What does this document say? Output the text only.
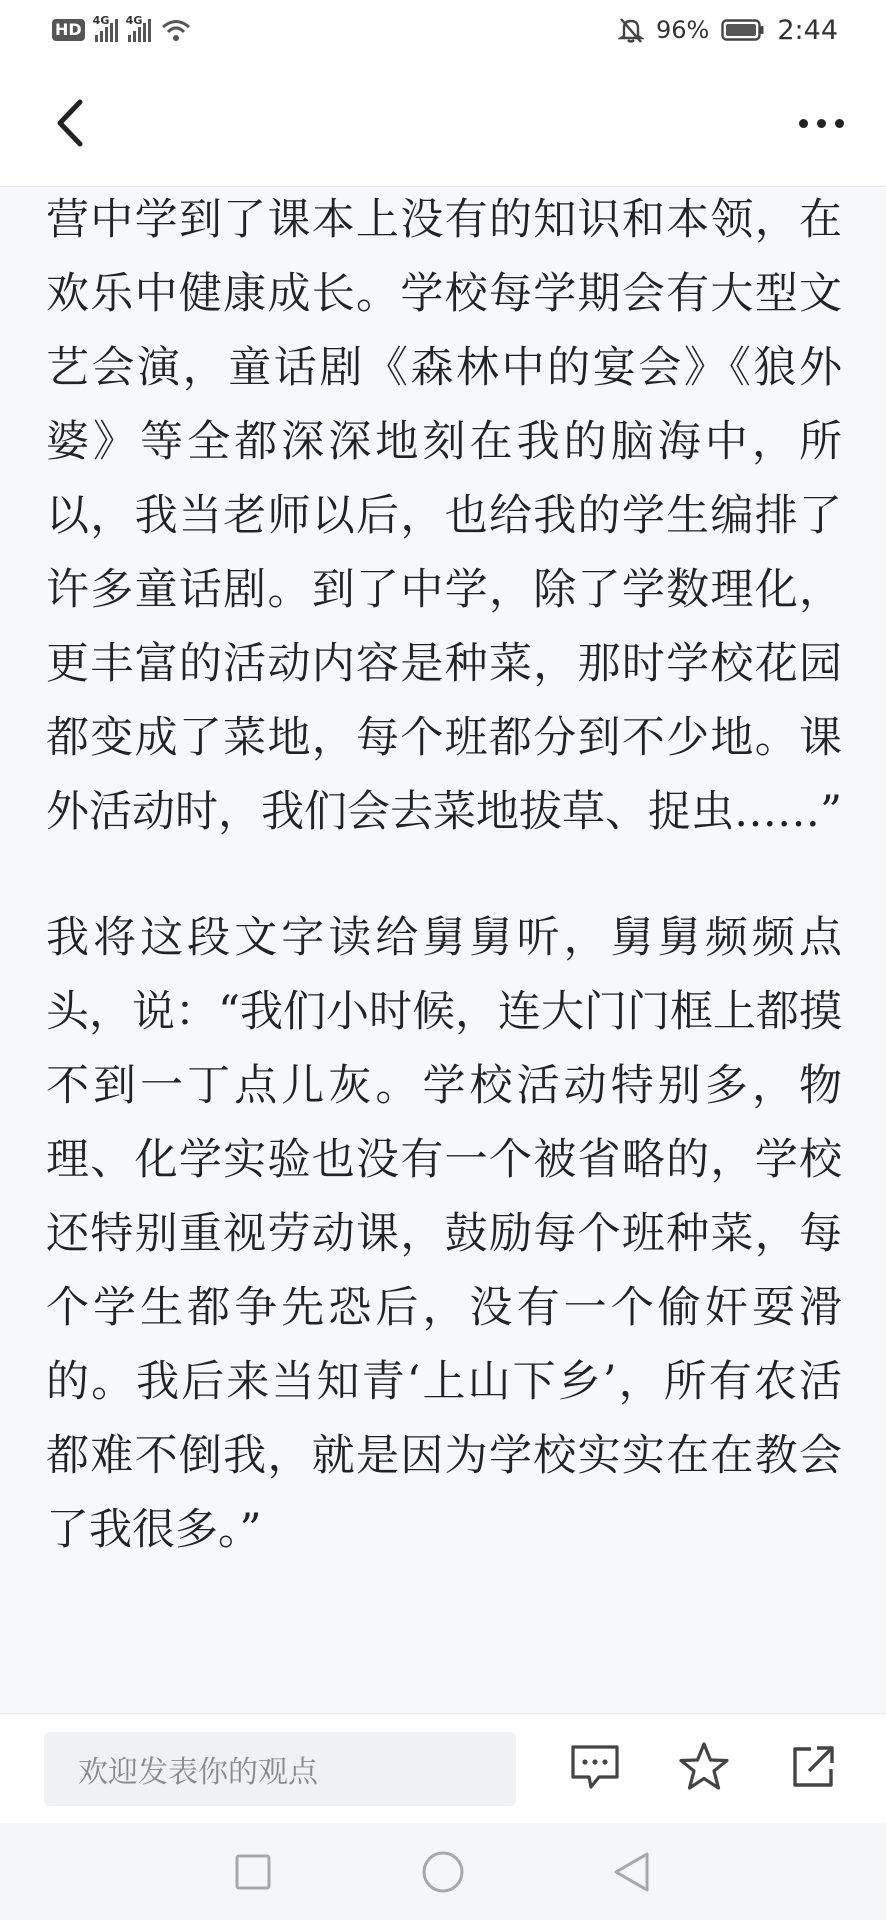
HD 4G 4G	96%	2:44

营中学到了课本上没有的知识和本领，在欢乐中健康成长。学校每学期会有大型文艺会演，童话剧《森林中的宴会》《狼外婆》等全都深深地刻在我的脑海中，所以，我当老师以后，也给我的学生编排了许多童话剧。到了中学，除了学数理化，更丰富的活动内容是种菜，那时学校花园都变成了菜地，每个班都分到不少地。课外活动时，我们会去菜地拔草、捉虫……”

我将这段文字读给舅舅听，舅舅频频点头，说：“我们小时候，连大门门框上都摸不到一丁点儿灰。学校活动特别多，物理、化学实验也没有一个被省略的，学校还特别重视劳动课，鼓励每个班种菜，每个学生都争先恐后，没有一个偷奸耍滑的。我后来当知青‘上山下乡’，所有农活都难不倒我，就是因为学校实实在在教会了我很多。”

欢迎发表你的观点
